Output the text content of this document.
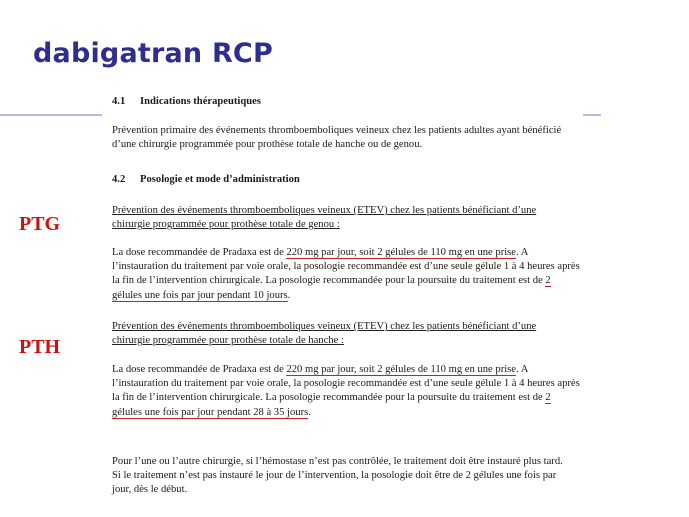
dabigatran RCP
PTG
PTH

4.1 Indications thérapeutiques

Prévention primaire des événements thromboemboliques veineux chez les patients adultes ayant bénéficié d’une chirurgie programmée pour prothèse totale de hanche ou de genou.

4.2 Posologie et mode d’administration

Prévention des événements thromboemboliques veineux (ETEV) chez les patients bénéficiant d’une chirurgie programmée pour prothèse totale de genou :

La dose recommandée de Pradaxa est de 220 mg par jour, soit 2 gélules de 110 mg en une prise. A l’instauration du traitement par voie orale, la posologie recommandée est d’une seule gélule 1 à 4 heures après la fin de l’intervention chirurgicale. La posologie recommandée pour la poursuite du traitement est de 2 gélules une fois par jour pendant 10 jours.

Prévention des événements thromboemboliques veineux (ETEV) chez les patients bénéficiant d’une chirurgie programmée pour prothèse totale de hanche :

La dose recommandée de Pradaxa est de 220 mg par jour, soit 2 gélules de 110 mg en une prise. A l’instauration du traitement par voie orale, la posologie recommandée est d’une seule gélule 1 à 4 heures après la fin de l’intervention chirurgicale. La posologie recommandée pour la poursuite du traitement est de 2 gélules une fois par jour pendant 28 à 35 jours.

Pour l’une ou l’autre chirurgie, si l’hémostase n’est pas contrôlée, le traitement doit être instauré plus tard. Si le traitement n’est pas instauré le jour de l’intervention, la posologie doit être de 2 gélules une fois par jour, dès le début.
